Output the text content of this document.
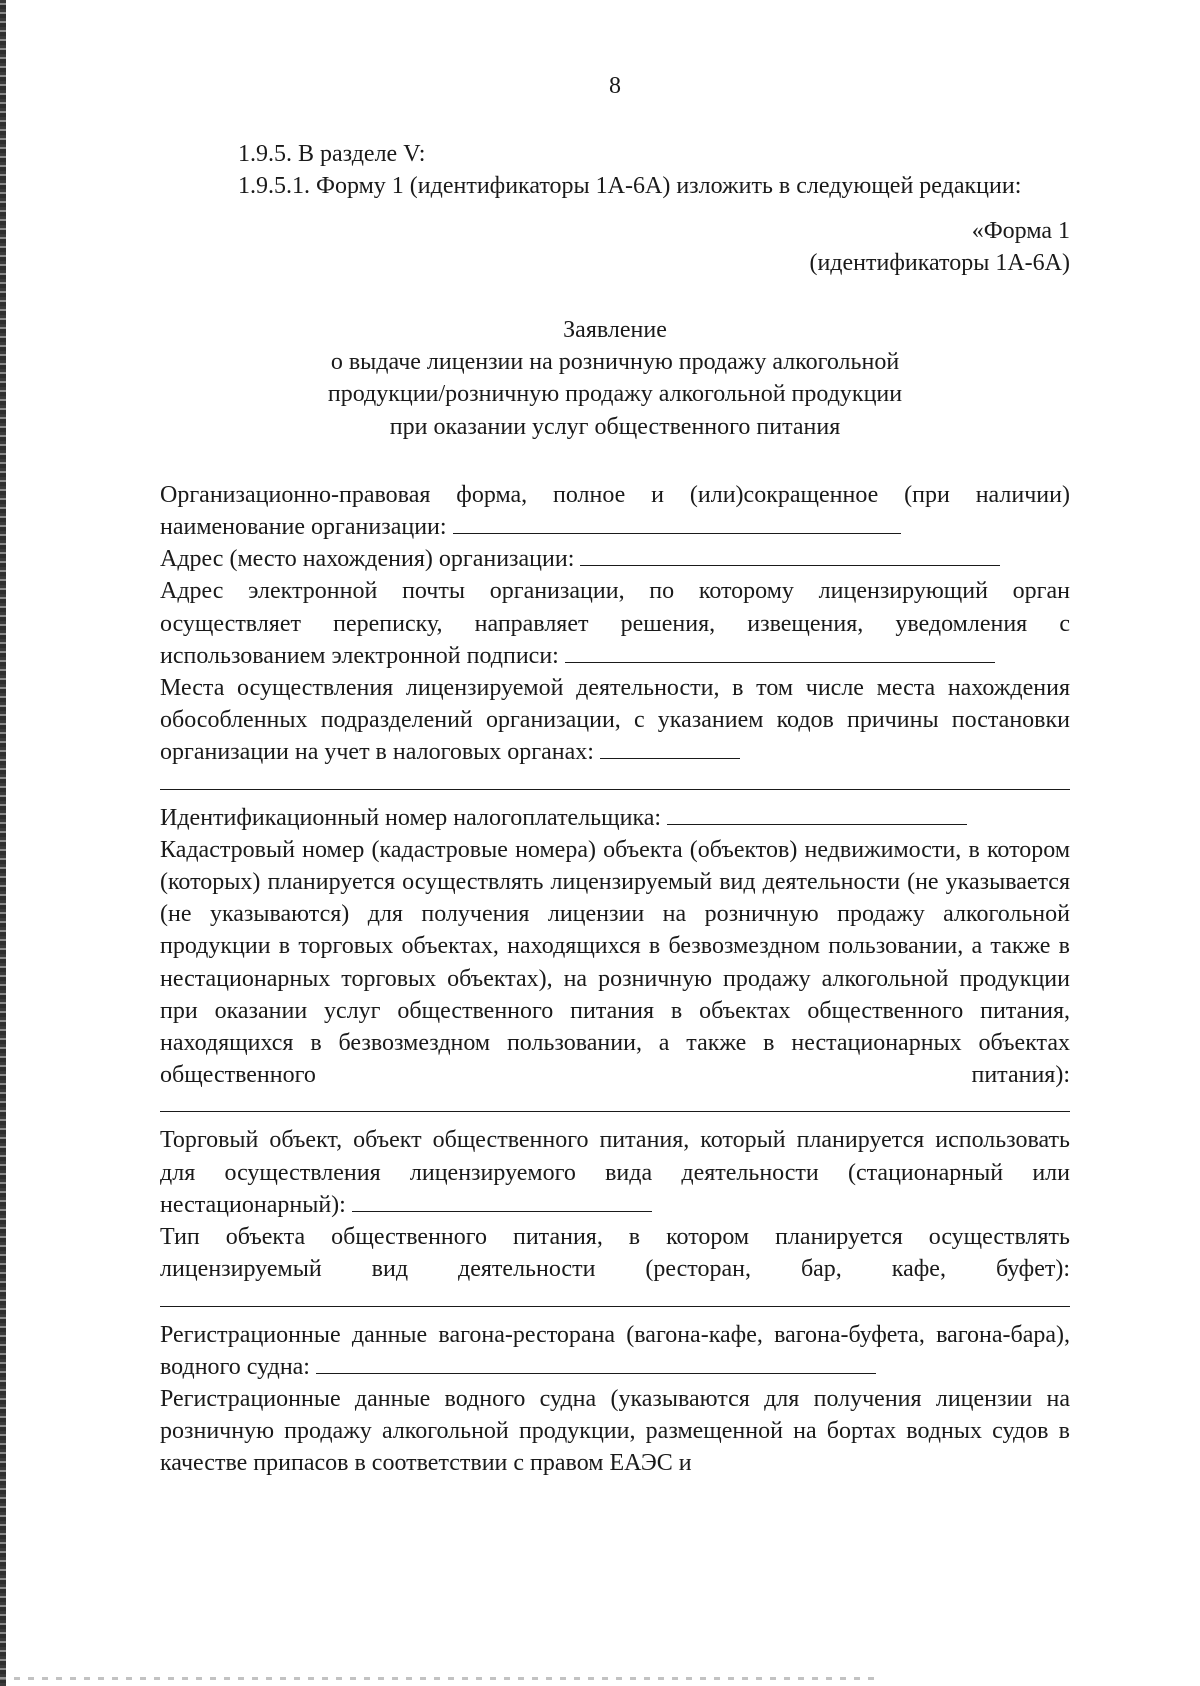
8

1.9.5. В разделе V:

1.9.5.1. Форму 1 (идентификаторы 1А-6А) изложить в следующей редакции:

«Форма 1

(идентификаторы 1А-6А)

Заявление
о выдаче лицензии на розничную продажу алкогольной
продукции/розничную продажу алкогольной продукции
при оказании услуг общественного питания

Организационно-правовая форма, полное и (или)сокращенное (при наличии) наименование организации:

Адрес (место нахождения) организации:

Адрес электронной почты организации, по которому лицензирующий орган осуществляет переписку, направляет решения, извещения, уведомления с использованием электронной подписи:

Места осуществления лицензируемой деятельности, в том числе места нахождения обособленных подразделений организации, с указанием кодов причины постановки организации на учет в налоговых органах:

Идентификационный номер налогоплательщика:

Кадастровый номер (кадастровые номера) объекта (объектов) недвижимости, в котором (которых) планируется осуществлять лицензируемый вид деятельности (не указывается (не указываются) для получения лицензии на розничную продажу алкогольной продукции в торговых объектах, находящихся в безвозмездном пользовании, а также в нестационарных торговых объектах), на розничную продажу алкогольной продукции при оказании услуг общественного питания в объектах общественного питания, находящихся в безвозмездном пользовании, а также в нестационарных объектах общественного питания):

Торговый объект, объект общественного питания, который планируется использовать для осуществления лицензируемого вида деятельности (стационарный или нестационарный):

Тип объекта общественного питания, в котором планируется осуществлять лицензируемый вид деятельности (ресторан, бар, кафе, буфет):

Регистрационные данные вагона-ресторана (вагона-кафе, вагона-буфета, вагона-бара), водного судна:

Регистрационные данные водного судна (указываются для получения лицензии на розничную продажу алкогольной продукции, размещенной на бортах водных судов в качестве припасов в соответствии с правом ЕАЭС и
